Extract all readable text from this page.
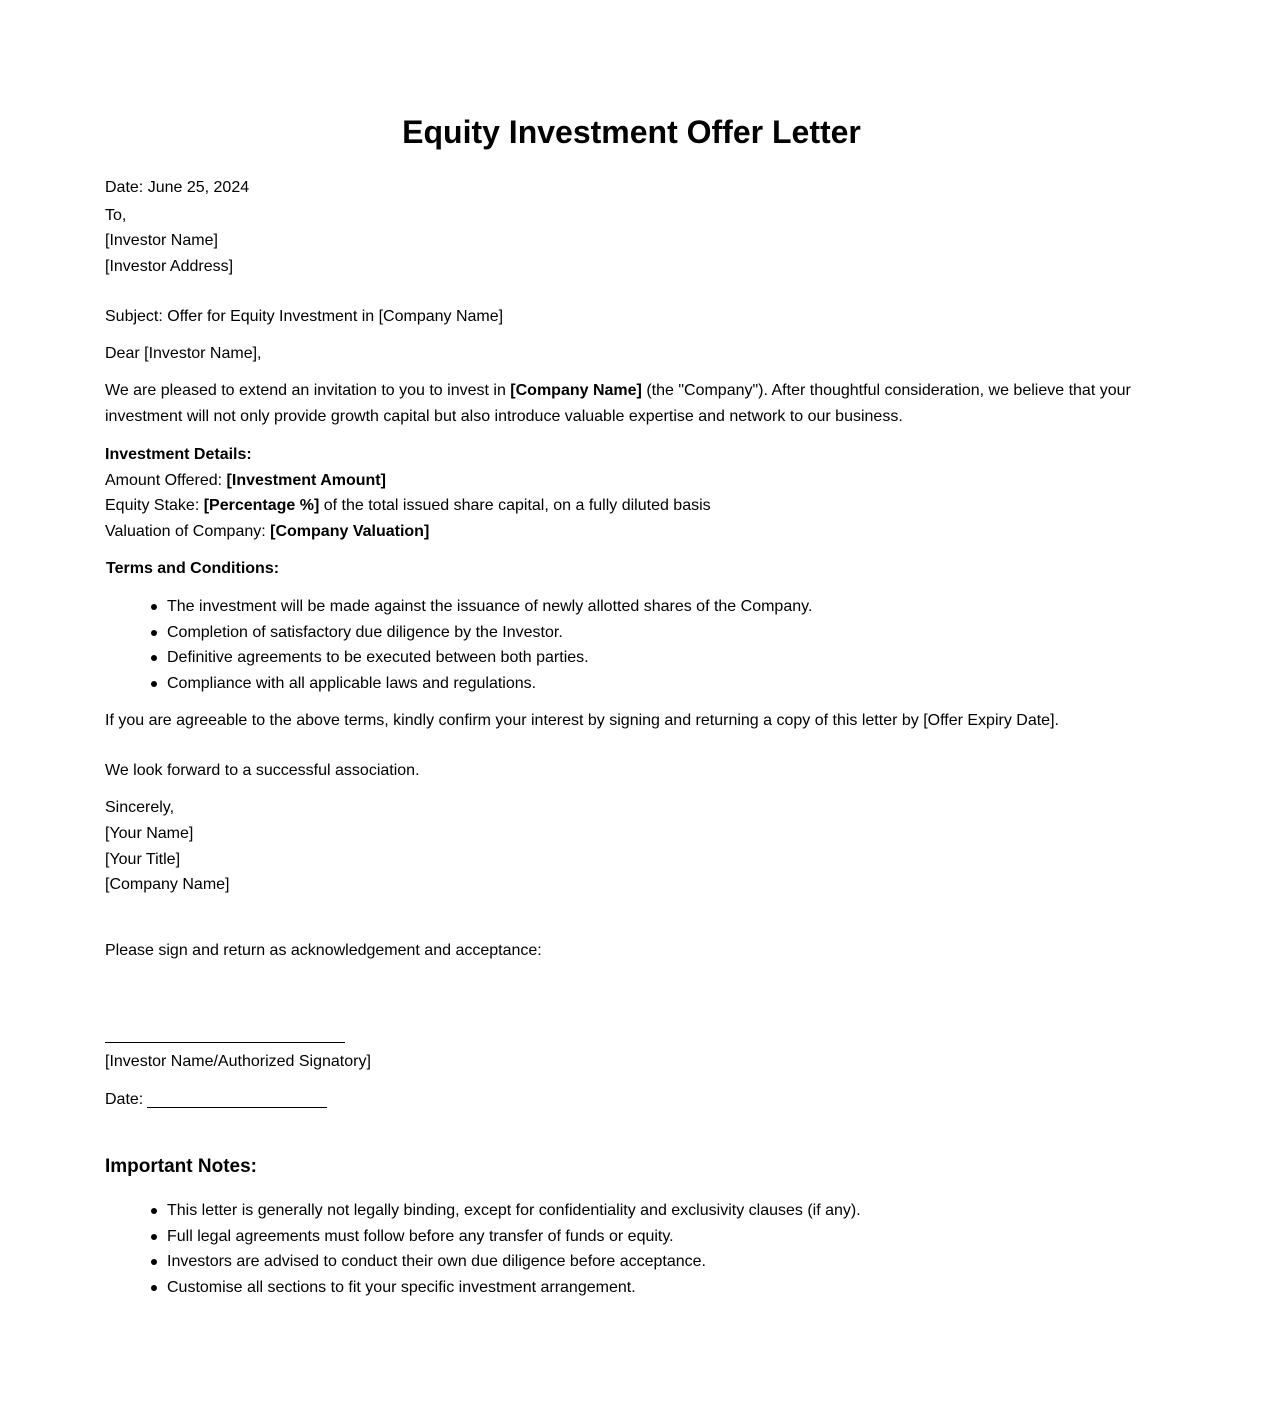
Equity Investment Offer Letter

Date: June 25, 2024

To,

[Investor Name]

[Investor Address]

Subject: Offer for Equity Investment in [Company Name]

Dear [Investor Name],

We are pleased to extend an invitation to you to invest in [Company Name] (the "Company"). After thoughtful consideration, we believe that your investment will not only provide growth capital but also introduce valuable expertise and network to our business.

Investment Details:

Amount Offered: [Investment Amount]

Equity Stake: [Percentage %] of the total issued share capital, on a fully diluted basis

Valuation of Company: [Company Valuation]

Terms and Conditions:

The investment will be made against the issuance of newly allotted shares of the Company.
Completion of satisfactory due diligence by the Investor.
Definitive agreements to be executed between both parties.
Compliance with all applicable laws and regulations.

If you are agreeable to the above terms, kindly confirm your interest by signing and returning a copy of this letter by [Offer Expiry Date].

We look forward to a successful association.

Sincerely,

[Your Name]

[Your Title]

[Company Name]

Please sign and return as acknowledgement and acceptance:

[Investor Name/Authorized Signatory]

Date:

Important Notes:
This letter is generally not legally binding, except for confidentiality and exclusivity clauses (if any).
Full legal agreements must follow before any transfer of funds or equity.
Investors are advised to conduct their own due diligence before acceptance.
Customise all sections to fit your specific investment arrangement.
